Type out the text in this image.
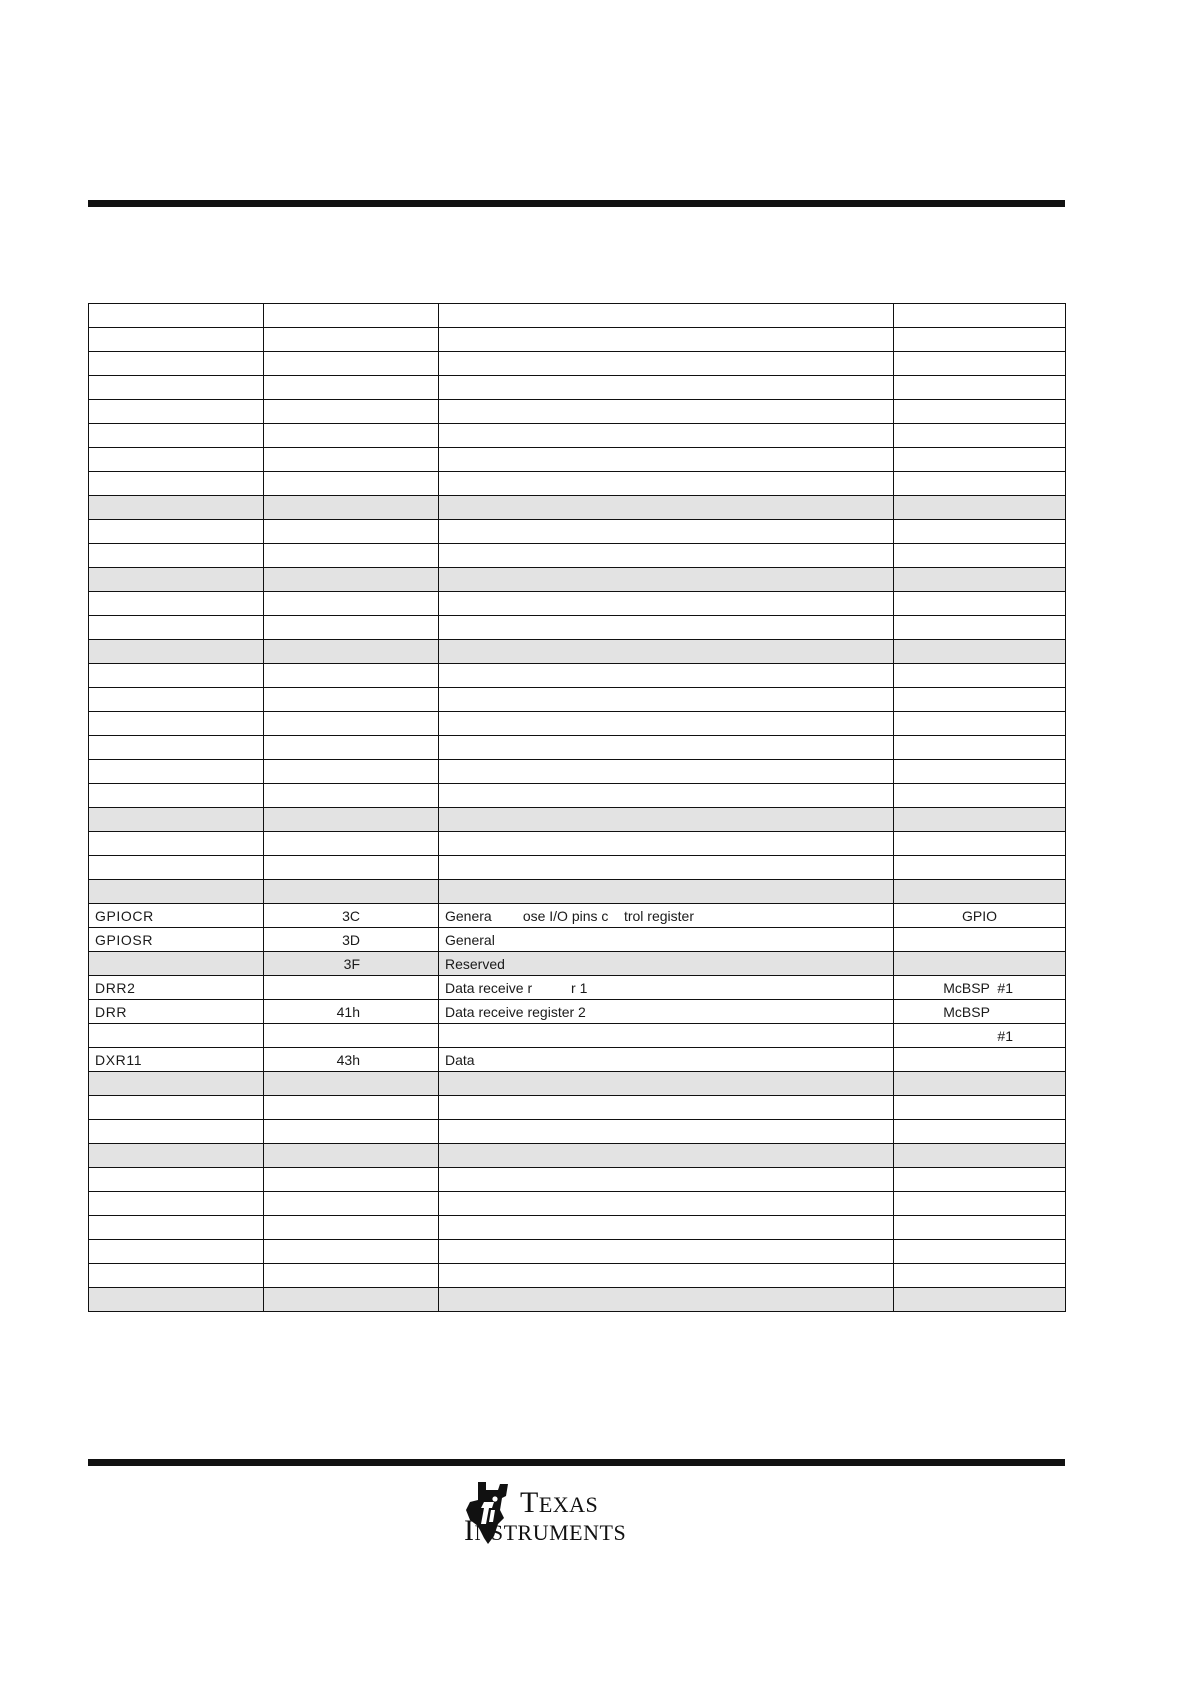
GPIOCR	3C	Genera        ose I/O pins c    trol register	GPIO
GPIOSR	3D	General	
	3F	Reserved	
DRR2		Data receive r          r 1	McBSP  #1
DRR	41h	Data receive register 2	McBSP
			#1
DXR11	43h	Data	

TEXAS
INSTRUMENTS
